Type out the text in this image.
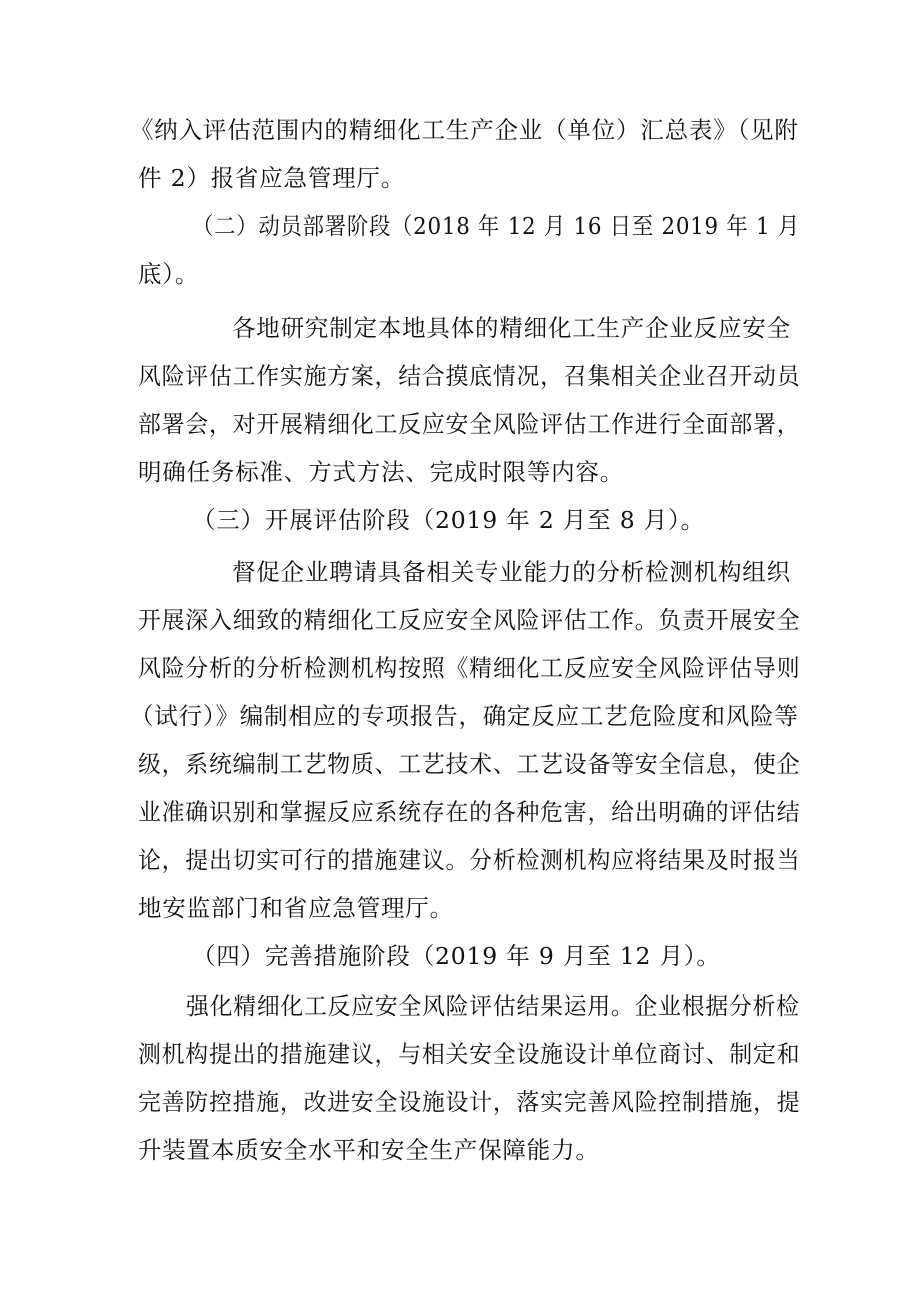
《纳入评估范围内的精细化工生产企业（单位）汇总表》（见附

件 2）报省应急管理厅。

（二）动员部署阶段（2018 年 12 月 16 日至 2019 年 1 月

底）。

各地研究制定本地具体的精细化工生产企业反应安全

风险评估工作实施方案，结合摸底情况，召集相关企业召开动员

部署会，对开展精细化工反应安全风险评估工作进行全面部署，

明确任务标准、方式方法、完成时限等内容。

（三）开展评估阶段（2019 年 2 月至 8 月）。

督促企业聘请具备相关专业能力的分析检测机构组织

开展深入细致的精细化工反应安全风险评估工作。负责开展安全

风险分析的分析检测机构按照《精细化工反应安全风险评估导则

（试行）》编制相应的专项报告，确定反应工艺危险度和风险等

级，系统编制工艺物质、工艺技术、工艺设备等安全信息，使企

业准确识别和掌握反应系统存在的各种危害，给出明确的评估结

论，提出切实可行的措施建议。分析检测机构应将结果及时报当

地安监部门和省应急管理厅。

（四）完善措施阶段（2019 年 9 月至 12 月）。

强化精细化工反应安全风险评估结果运用。企业根据分析检

测机构提出的措施建议，与相关安全设施设计单位商讨、制定和

完善防控措施，改进安全设施设计，落实完善风险控制措施，提

升装置本质安全水平和安全生产保障能力。
